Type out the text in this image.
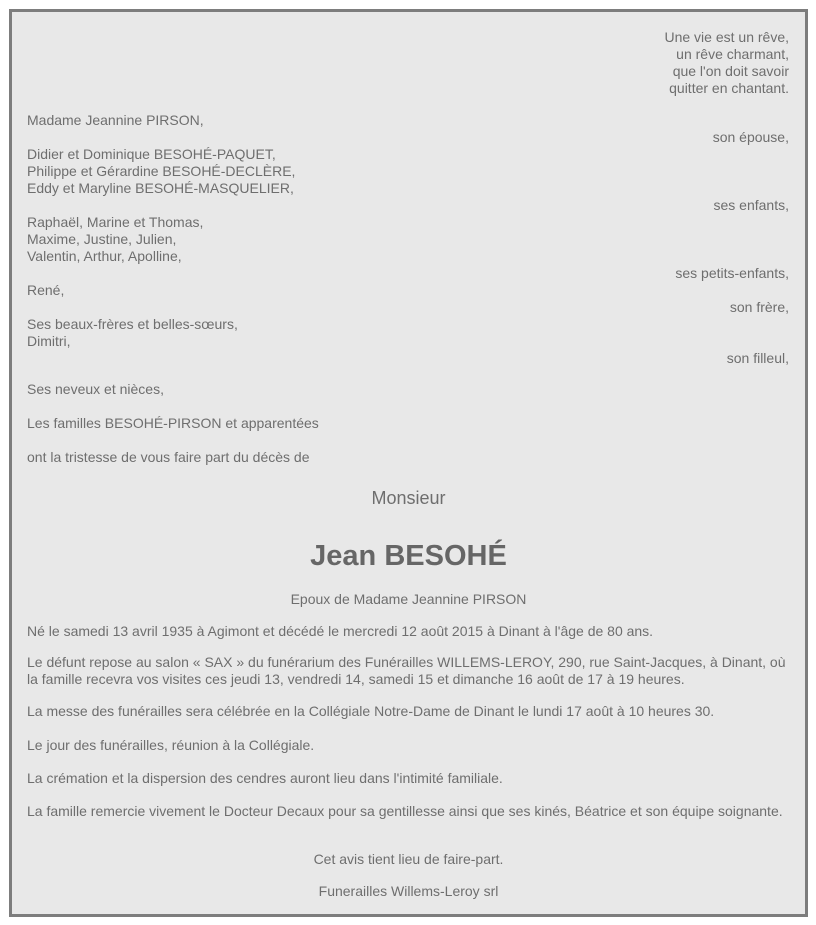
Une vie est un rêve,
un rêve charmant,
que l'on doit savoir
quitter en chantant.
Madame Jeannine PIRSON,
son épouse,
Didier et Dominique BESOHÉ-PAQUET,
Philippe et Gérardine BESOHÉ-DECLÈRE,
Eddy et Maryline BESOHÉ-MASQUELIER,
ses enfants,
Raphaël, Marine et Thomas,
Maxime, Justine, Julien,
Valentin, Arthur, Apolline,
ses petits-enfants,
René,
son frère,
Ses beaux-frères et belles-sœurs,
Dimitri,
son filleul,
Ses neveux et nièces,
Les familles BESOHÉ-PIRSON et apparentées
ont la tristesse de vous faire part du décès de
Monsieur
Jean BESOHÉ
Epoux de Madame Jeannine PIRSON
Né le samedi 13 avril 1935 à Agimont et décédé le mercredi 12 août 2015 à Dinant à l'âge de 80 ans.
Le défunt repose au salon « SAX » du funérarium des Funérailles WILLEMS-LEROY, 290, rue Saint-Jacques, à Dinant, où la famille recevra vos visites ces jeudi 13, vendredi 14, samedi 15 et dimanche 16 août de 17 à 19 heures.
La messe des funérailles sera célébrée en la Collégiale Notre-Dame de Dinant le lundi 17 août à 10 heures 30.
Le jour des funérailles, réunion à la Collégiale.
La crémation et la dispersion des cendres auront lieu dans l'intimité familiale.
La famille remercie vivement le Docteur Decaux pour sa gentillesse ainsi que ses kinés, Béatrice et son équipe soignante.
Cet avis tient lieu de faire-part.
Funerailles Willems-Leroy srl
